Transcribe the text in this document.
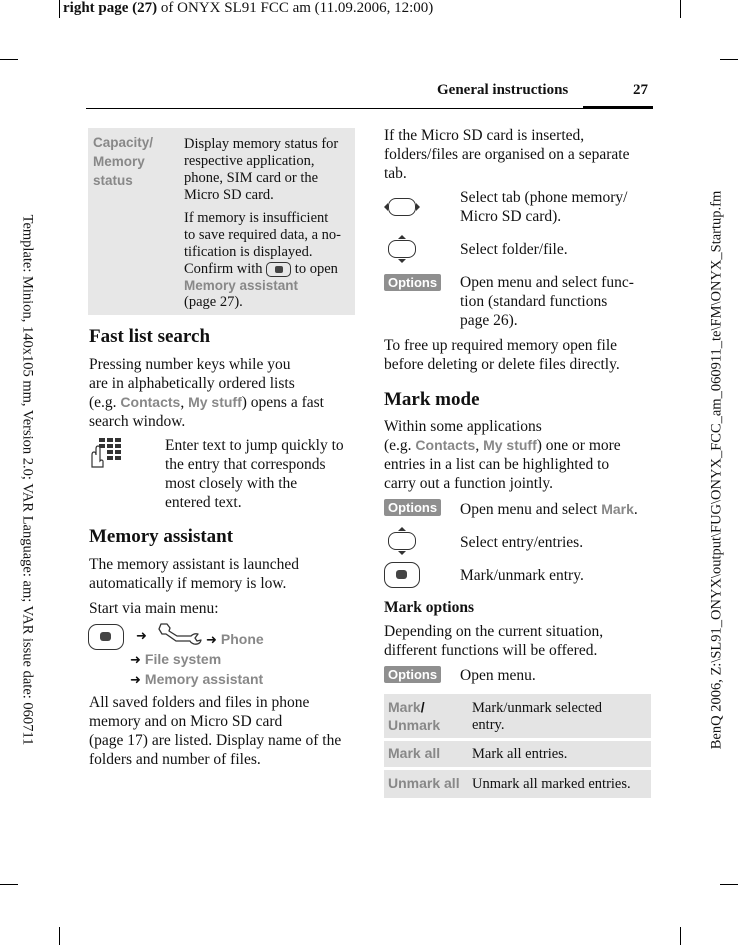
right page (27) of ONYX SL91 FCC am (11.09.2006, 12:00)
Template: Minion, 140x105 mm, Version 2.0; VAR Language: am; VAR issue date: 060711	BenQ 2006, Z:\SL91_ONYX\output\FUG\ONYX_FCC_am_060911_te\FM\ONYX_Startup.fm
General instructions	27
Capacity/
Memory
status
Display memory status for
respective application,
phone, SIM card or the
Micro SD card.
If memory is insufficient
to save required data, a no-
tification is displayed.
Confirm with to open
Memory assistant
(page 27).
Fast list search
Pressing number keys while you
are in alphabetically ordered lists
(e.g. Contacts, My stuff) opens a fast
search window.
Enter text to jump quickly to
the entry that corresponds
most closely with the
entered text.
Memory assistant
The memory assistant is launched
automatically if memory is low.
Start via main menu:
➜	➜ Phone
➜ File system
➜ Memory assistant
All saved folders and files in phone
memory and on Micro SD card
(page 17) are listed. Display name of the
folders and number of files.
If the Micro SD card is inserted,
folders/files are organised on a separate
tab.
Select tab (phone memory/
Micro SD card).
Select folder/file.
Options Open menu and select func-
tion (standard functions
page 26).
To free up required memory open file
before deleting or delete files directly.
Mark mode
Within some applications
(e.g. Contacts, My stuff) one or more
entries in a list can be highlighted to
carry out a function jointly.
Options Open menu and select Mark.
Select entry/entries.
Mark/unmark entry.
Mark options
Depending on the current situation,
different functions will be offered.
Options Open menu.
Mark/
Unmark
Mark/unmark selected
entry.
Mark all Mark all entries.
Unmark all Unmark all marked entries.
